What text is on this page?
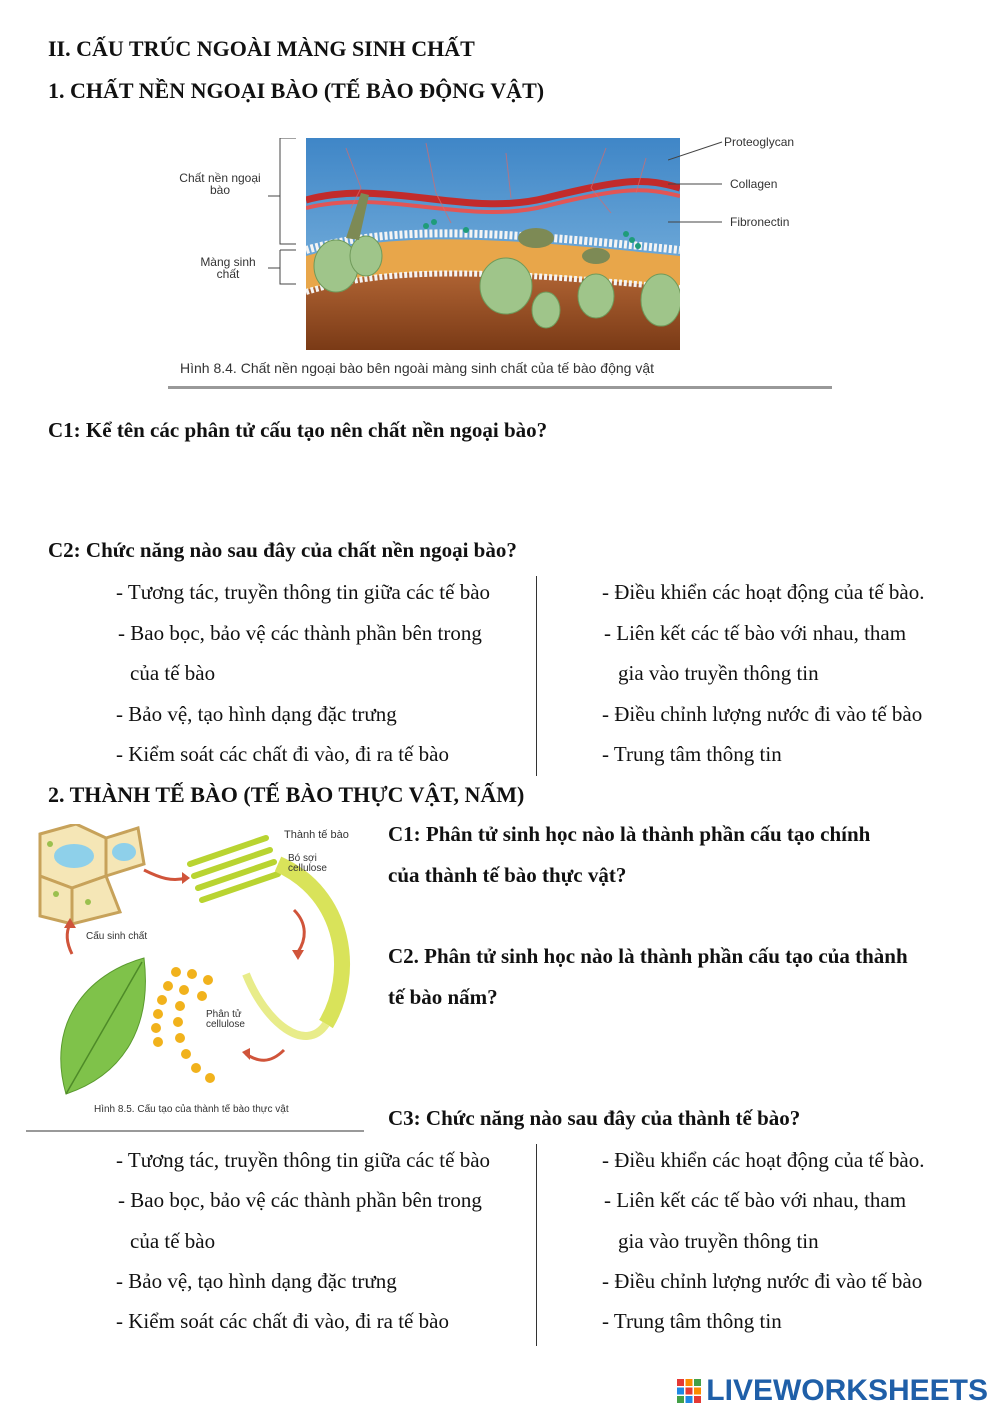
II. CẤU TRÚC NGOÀI MÀNG SINH CHẤT
1. CHẤT NỀN NGOẠI BÀO (TẾ BÀO ĐỘNG VẬT)
Chất nền ngoại bào
Màng sinh chất
Proteoglycan
Collagen
Fibronectin
Hình 8.4. Chất nền ngoại bào bên ngoài màng sinh chất của tế bào động vật
C1: Kể tên các phân tử cấu tạo nên chất nền ngoại bào?
C2: Chức năng nào sau đây của chất nền ngoại bào?
- Tương tác, truyền thông tin giữa các tế bào
- Bao bọc, bảo vệ các thành phần bên trong
của tế bào
- Bảo vệ, tạo hình dạng đặc trưng
- Kiểm soát các chất đi vào, đi ra tế bào
- Điều khiển các hoạt động của tế bào.
- Liên kết các tế bào với nhau, tham
gia vào truyền thông tin
- Điều chỉnh lượng nước đi vào tế bào
- Trung tâm thông tin
2. THÀNH TẾ BÀO (TẾ BÀO THỰC VẬT, NẤM)
Thành tế bào
Bó sợi cellulose
Cấu sinh chất
Phân tử cellulose
Hình 8.5. Cấu tạo của thành tế bào thực vật
C1: Phân tử sinh học nào là thành phần cấu tạo chính
của thành tế bào thực vật?
C2. Phân tử sinh học nào là thành phần cấu tạo của thành
tế bào nấm?
C3: Chức năng nào sau đây của thành tế bào?
- Tương tác, truyền thông tin giữa các tế bào
- Bao bọc, bảo vệ các thành phần bên trong
của tế bào
- Bảo vệ, tạo hình dạng đặc trưng
- Kiểm soát các chất đi vào, đi ra tế bào
- Điều khiển các hoạt động của tế bào.
- Liên kết các tế bào với nhau, tham
gia vào truyền thông tin
- Điều chỉnh lượng nước đi vào tế bào
- Trung tâm thông tin
LIVEWORKSHEETS
